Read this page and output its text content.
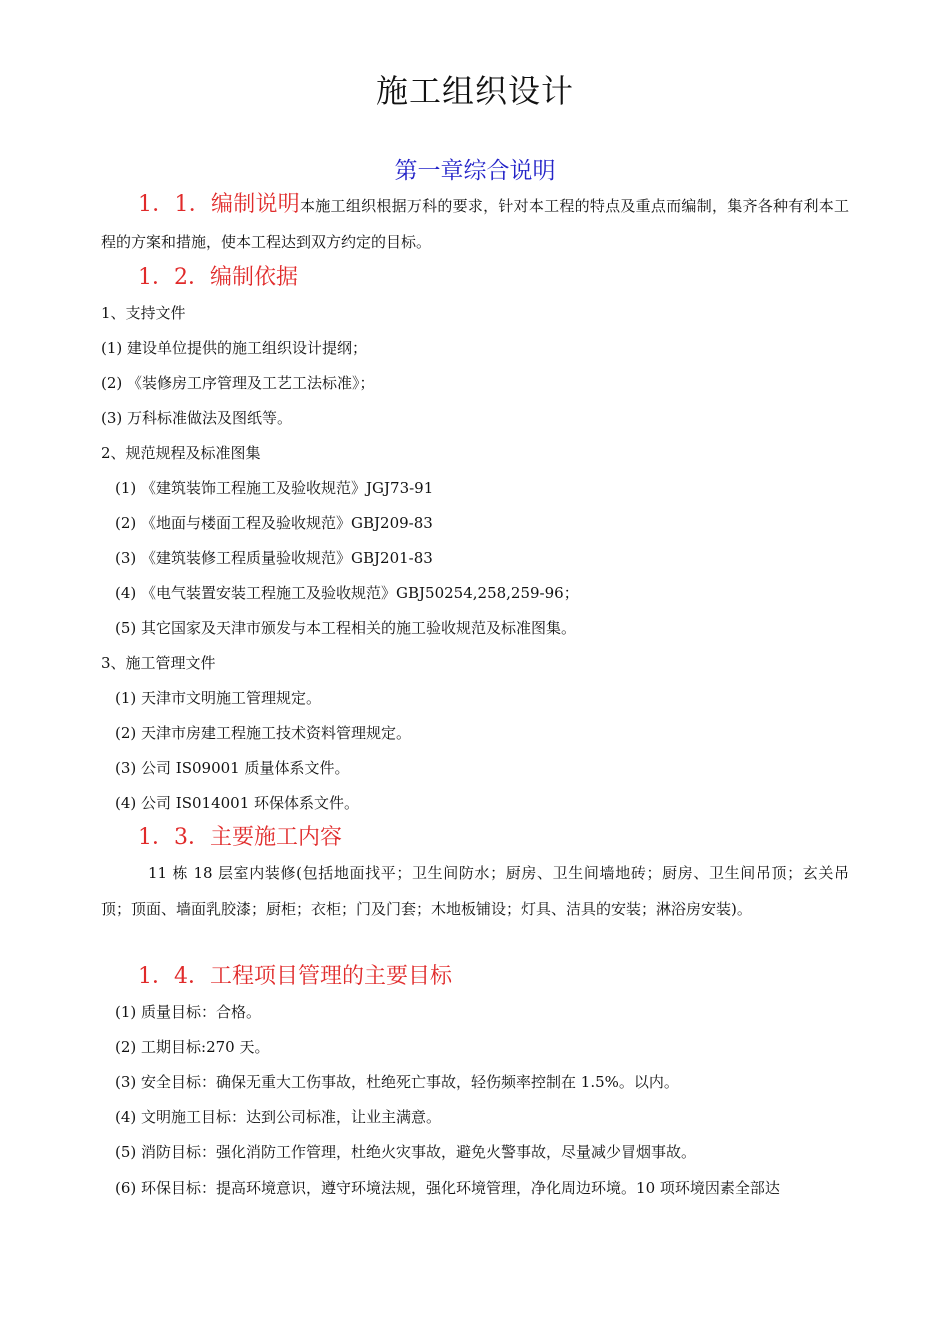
施工组织设计
第一章综合说明
1．1．编制说明本施工组织根据万科的要求，针对本工程的特点及重点而编制，集齐各种有利本工程的方案和措施，使本工程达到双方约定的目标。
1．2．编制依据
1、支持文件
(1) 建设单位提供的施工组织设计提纲；
(2) 《装修房工序管理及工艺工法标准》；
(3) 万科标准做法及图纸等。
2、规范规程及标准图集
(1) 《建筑装饰工程施工及验收规范》JGJ73-91
(2) 《地面与楼面工程及验收规范》GBJ209-83
(3) 《建筑装修工程质量验收规范》GBJ201-83
(4) 《电气装置安装工程施工及验收规范》GBJ50254,258,259-96；
(5) 其它国家及天津市颁发与本工程相关的施工验收规范及标准图集。
3、施工管理文件
(1) 天津市文明施工管理规定。
(2) 天津市房建工程施工技术资料管理规定。
(3) 公司 IS09001 质量体系文件。
(4) 公司 IS014001 环保体系文件。
1．3．主要施工内容
11 栋 18 层室内装修(包括地面找平；卫生间防水；厨房、卫生间墙地砖；厨房、卫生间吊顶；玄关吊顶；顶面、墙面乳胶漆；厨柜；衣柜；门及门套；木地板铺设；灯具、洁具的安装；淋浴房安装)。
1．4．工程项目管理的主要目标
(1) 质量目标：合格。
(2) 工期目标:270 天。
(3) 安全目标：确保无重大工伤事故，杜绝死亡事故，轻伤频率控制在 1.5%。以内。
(4) 文明施工目标：达到公司标准，让业主满意。
(5) 消防目标：强化消防工作管理，杜绝火灾事故，避免火警事故，尽量减少冒烟事故。
(6) 环保目标：提高环境意识，遵守环境法规，强化环境管理，净化周边环境。10 项环境因素全部达
